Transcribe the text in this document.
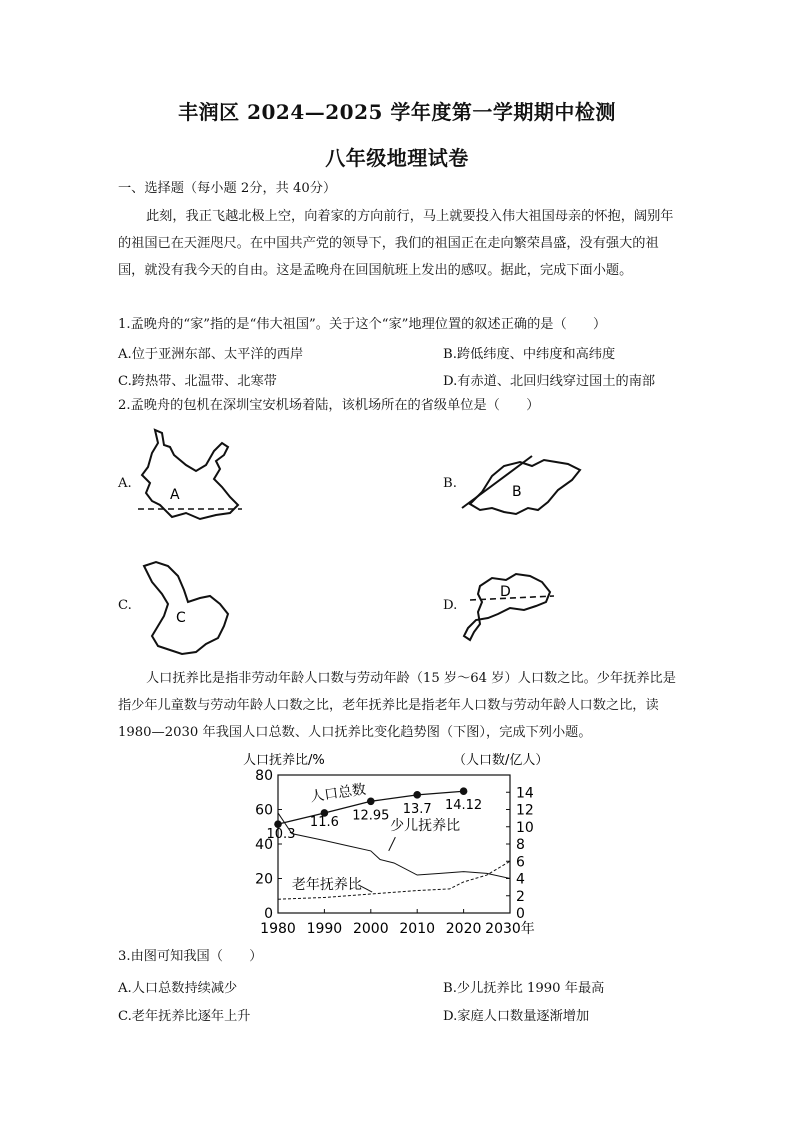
丰润区 2024—2025 学年度第一学期期中检测
八年级地理试卷
一、选择题（每小题 2分，共 40分）
此刻，我正飞越北极上空，向着家的方向前行，马上就要投入伟大祖国母亲的怀抱，阔别年的祖国已在天涯咫尺。在中国共产党的领导下，我们的祖国正在走向繁荣昌盛，没有强大的祖国，就没有我今天的自由。这是孟晚舟在回国航班上发出的感叹。据此，完成下面小题。
1.孟晚舟的“家”指的是“伟大祖国”。关于这个“家”地理位置的叙述正确的是（　　）
A.位于亚洲东部、太平洋的西岸	B.跨低纬度、中纬度和高纬度
C.跨热带、北温带、北寒带	D.有赤道、北回归线穿过国土的南部
2.孟晚舟的包机在深圳宝安机场着陆，该机场所在的省级单位是（　　）
A.	B.
C.	D.
A	B
C
D
人口抚养比是指非劳动年龄人口数与劳动年龄（15 岁～64 岁）人口数之比。少年抚养比是指少年儿童数与劳动年龄人口数之比，老年抚养比是指老年人口数与劳动年龄人口数之比，读 1980—2030 年我国人口总数、人口抚养比变化趋势图（下图），完成下列小题。
人口抚养比/%	（人口数/亿人）
0
20
40
60
80
0
2
4
6
8
10
12
14
1980 1990 2000 2010 2020 2030年
10.3
11.6 12.95 13.7 14.12
人口总数
少儿抚养比
老年抚养比
3.由图可知我国（　　）
A.人口总数持续减少	B.少儿抚养比 1990 年最高
C.老年抚养比逐年上升	D.家庭人口数量逐渐增加
